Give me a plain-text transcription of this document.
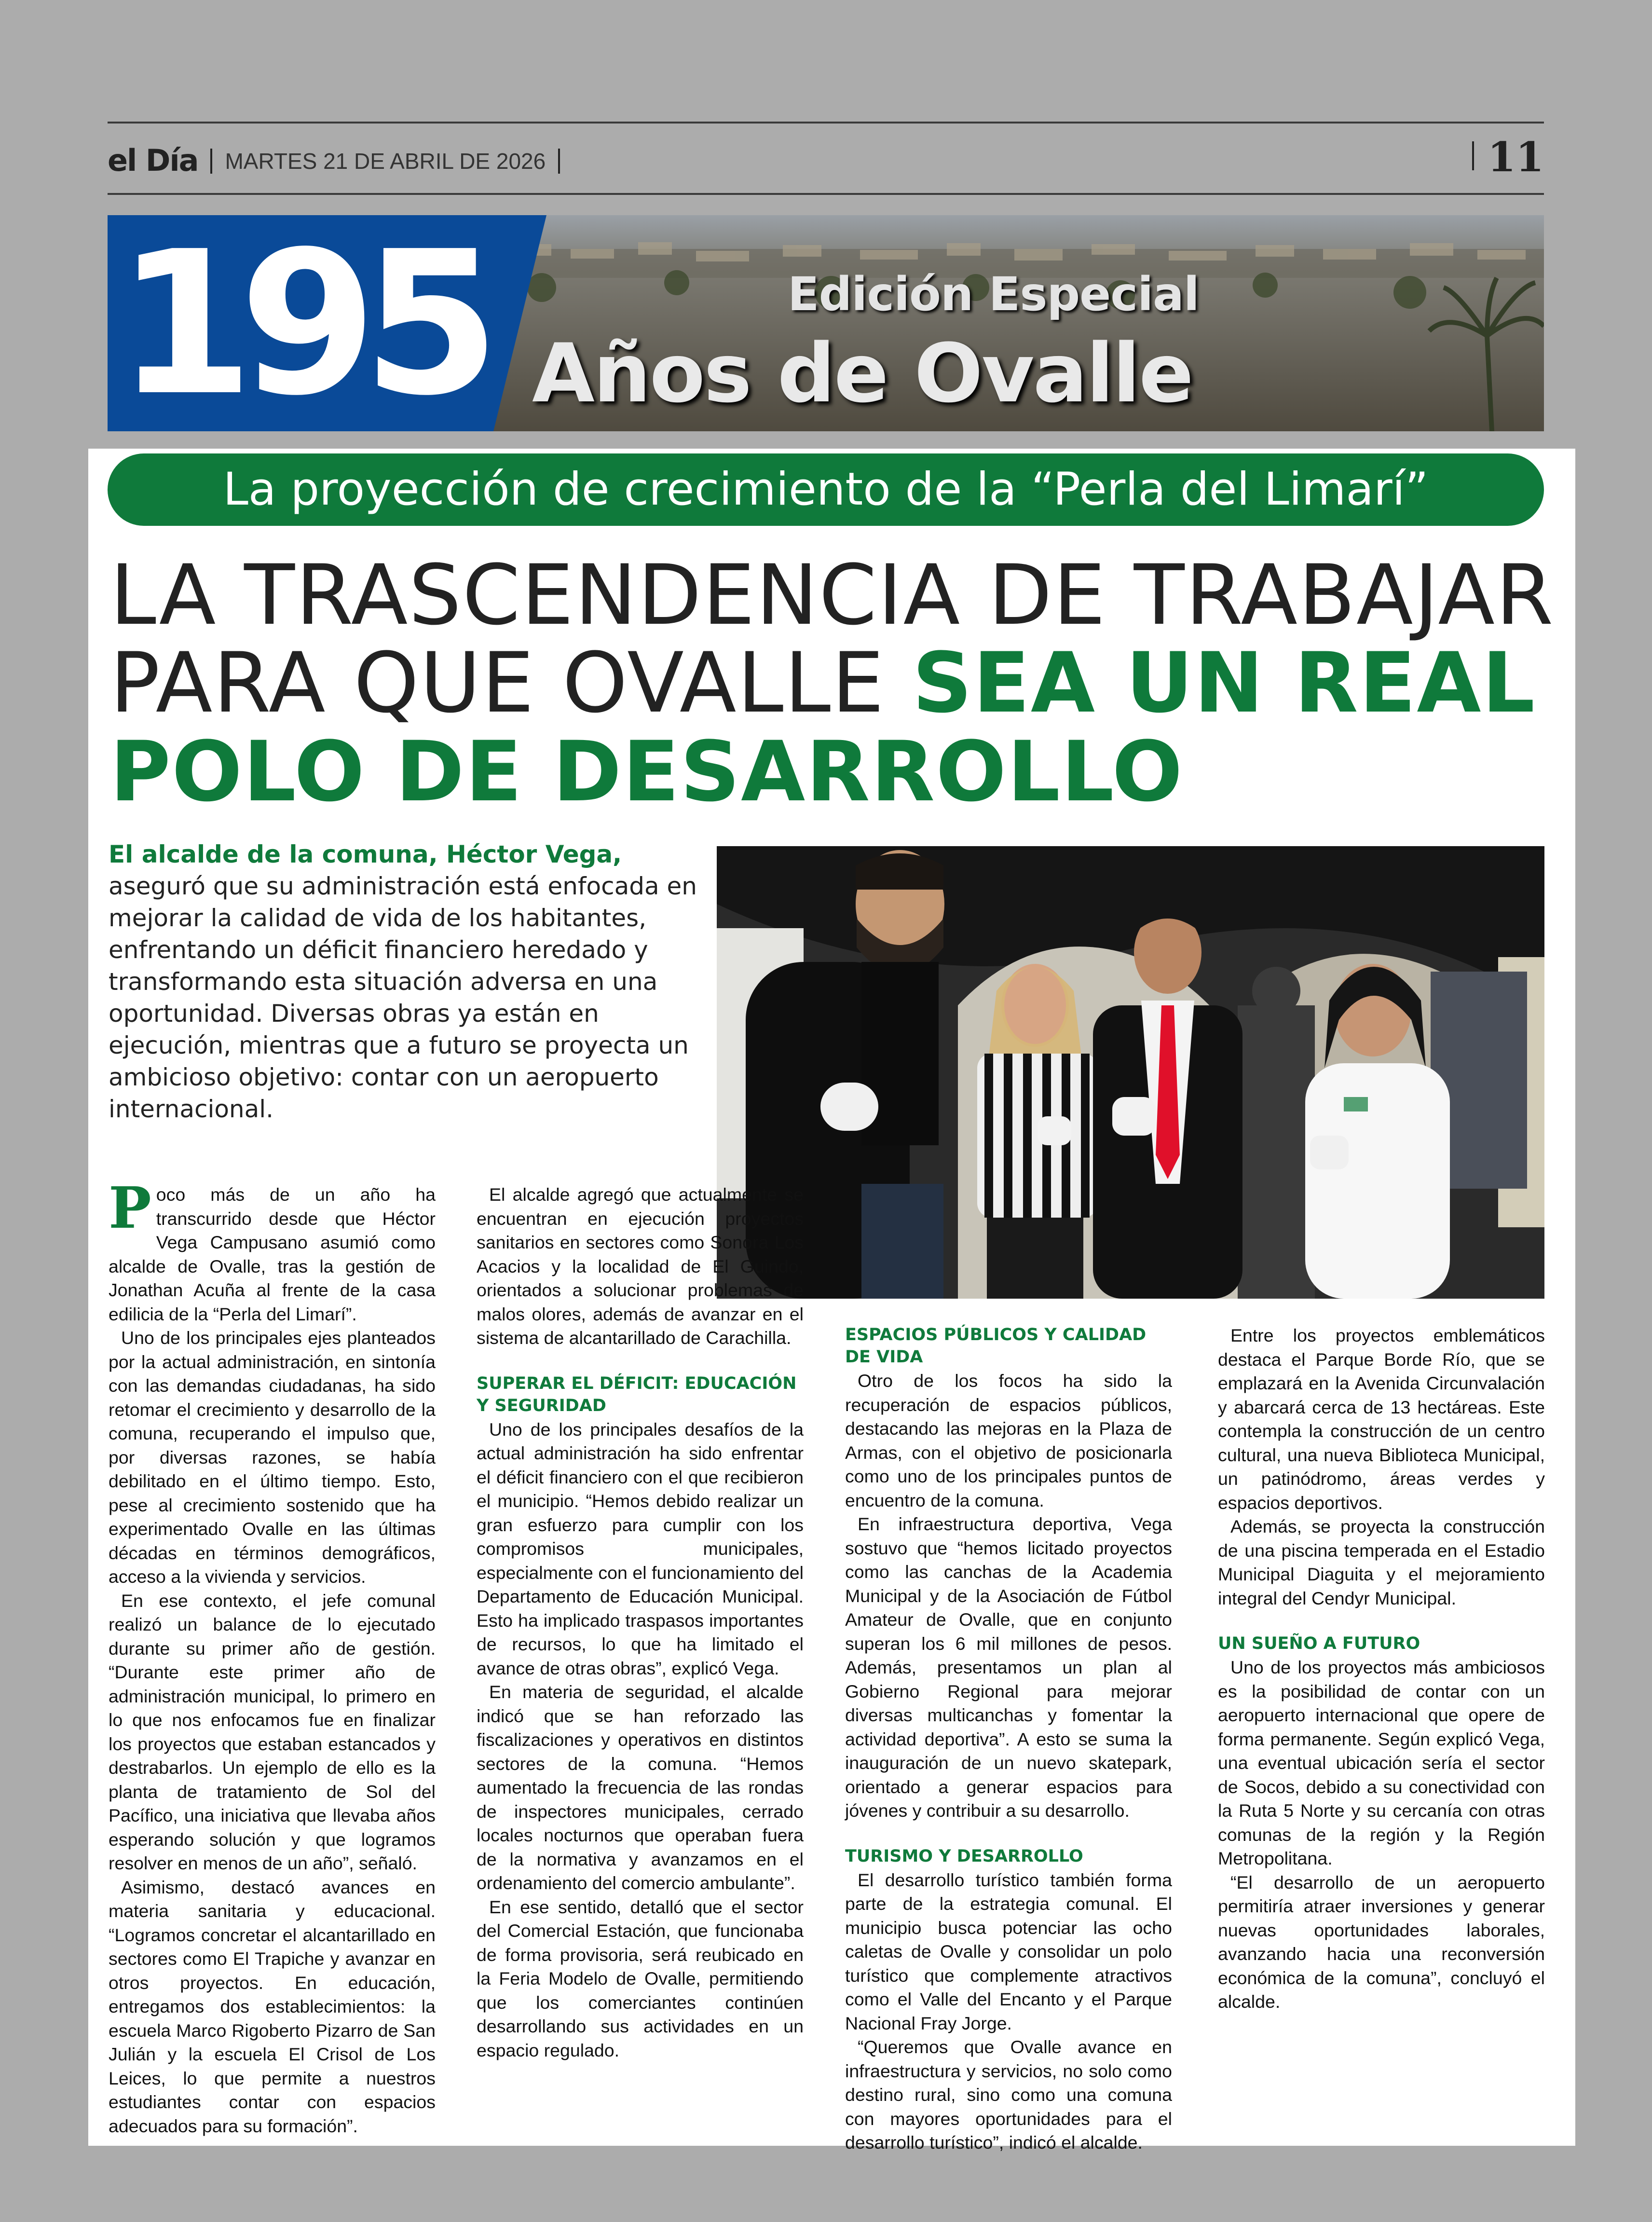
el Día MARTES 21 DE ABRIL DE 2026	11
195	Edición Especial
Años de Ovalle
La proyección de crecimiento de la “Perla del Limarí”
LA TRASCENDENCIA DE TRABAJAR
PARA QUE OVALLE SEA UN REAL
POLO DE DESARROLLO
El alcalde de la comuna, Héctor Vega, aseguró que su administración está enfocada en mejorar la calidad de vida de los habitantes, enfrentando un déficit financiero heredado y transformando esta situación adversa en una oportunidad. Diversas obras ya están en ejecución, mientras que a futuro se proyecta un ambicioso objetivo: contar con un aeropuerto internacional.

Poco más de un año ha transcurrido desde que Héctor Vega Campusano asumió como alcalde de Ovalle, tras la gestión de Jonathan Acuña al frente de la casa edilicia de la “Perla del Limarí”.

Uno de los principales ejes planteados por la actual administración, en sintonía con las demandas ciudadanas, ha sido retomar el crecimiento y desarrollo de la comuna, recuperando el impulso que, por diversas razones, se había debilitado en el último tiempo. Esto, pese al crecimiento sostenido que ha experimentado Ovalle en las últimas décadas en términos demográficos, acceso a la vivienda y servicios.

En ese contexto, el jefe comunal realizó un balance de lo ejecutado durante su primer año de gestión. “Durante este primer año de administración municipal, lo primero en lo que nos enfocamos fue en finalizar los proyectos que estaban estancados y destrabarlos. Un ejemplo de ello es la planta de tratamiento de Sol del Pacífico, una iniciativa que llevaba años esperando solución y que logramos resolver en menos de un año”, señaló.

Asimismo, destacó avances en materia sanitaria y educacional. “Logramos concretar el alcantarillado en sectores como El Trapiche y avanzar en otros proyectos. En educación, entregamos dos establecimientos: la escuela Marco Rigoberto Pizarro de San Julián y la escuela El Crisol de Los Leices, lo que permite a nuestros estudiantes contar con espacios adecuados para su formación”.

El alcalde agregó que actualmente se encuentran en ejecución proyectos sanitarios en sectores como Sonora Los Acacios y la localidad de El Guindo, orientados a solucionar problemas de malos olores, además de avanzar en el sistema de alcantarillado de Carachilla.

SUPERAR EL DÉFICIT: EDUCACIÓN Y SEGURIDAD

Uno de los principales desafíos de la actual administración ha sido enfrentar el déficit financiero con el que recibieron el municipio. “Hemos debido realizar un gran esfuerzo para cumplir con los compromisos municipales, especialmente con el funcionamiento del Departamento de Educación Municipal. Esto ha implicado traspasos importantes de recursos, lo que ha limitado el avance de otras obras”, explicó Vega.

En materia de seguridad, el alcalde indicó que se han reforzado las fiscalizaciones y operativos en distintos sectores de la comuna. “Hemos aumentado la frecuencia de las rondas de inspectores municipales, cerrado locales nocturnos que operaban fuera de la normativa y avanzamos en el ordenamiento del comercio ambulante”.

En ese sentido, detalló que el sector del Comercial Estación, que funcionaba de forma provisoria, será reubicado en la Feria Modelo de Ovalle, permitiendo que los comerciantes continúen desarrollando sus actividades en un espacio regulado.

ESPACIOS PÚBLICOS Y CALIDAD DE VIDA

Otro de los focos ha sido la recuperación de espacios públicos, destacando las mejoras en la Plaza de Armas, con el objetivo de posicionarla como uno de los principales puntos de encuentro de la comuna.

En infraestructura deportiva, Vega sostuvo que “hemos licitado proyectos como las canchas de la Academia Municipal y de la Asociación de Fútbol Amateur de Ovalle, que en conjunto superan los 6 mil millones de pesos. Además, presentamos un plan al Gobierno Regional para mejorar diversas multicanchas y fomentar la actividad deportiva”. A esto se suma la inauguración de un nuevo skatepark, orientado a generar espacios para jóvenes y contribuir a su desarrollo.

TURISMO Y DESARROLLO

El desarrollo turístico también forma parte de la estrategia comunal. El municipio busca potenciar las ocho caletas de Ovalle y consolidar un polo turístico que complemente atractivos como el Valle del Encanto y el Parque Nacional Fray Jorge.

“Queremos que Ovalle avance en infraestructura y servicios, no solo como destino rural, sino como una comuna con mayores oportunidades para el desarrollo turístico”, indicó el alcalde.

Entre los proyectos emblemáticos destaca el Parque Borde Río, que se emplazará en la Avenida Circunvalación y abarcará cerca de 13 hectáreas. Este contempla la construcción de un centro cultural, una nueva Biblioteca Municipal, un patinódromo, áreas verdes y espacios deportivos.

Además, se proyecta la construcción de una piscina temperada en el Estadio Municipal Diaguita y el mejoramiento integral del Cendyr Municipal.

UN SUEÑO A FUTURO

Uno de los proyectos más ambiciosos es la posibilidad de contar con un aeropuerto internacional que opere de forma permanente. Según explicó Vega, una eventual ubicación sería el sector de Socos, debido a su conectividad con la Ruta 5 Norte y su cercanía con otras comunas de la región y la Región Metropolitana.

“El desarrollo de un aeropuerto permitiría atraer inversiones y generar nuevas oportunidades laborales, avanzando hacia una reconversión económica de la comuna”, concluyó el alcalde.
